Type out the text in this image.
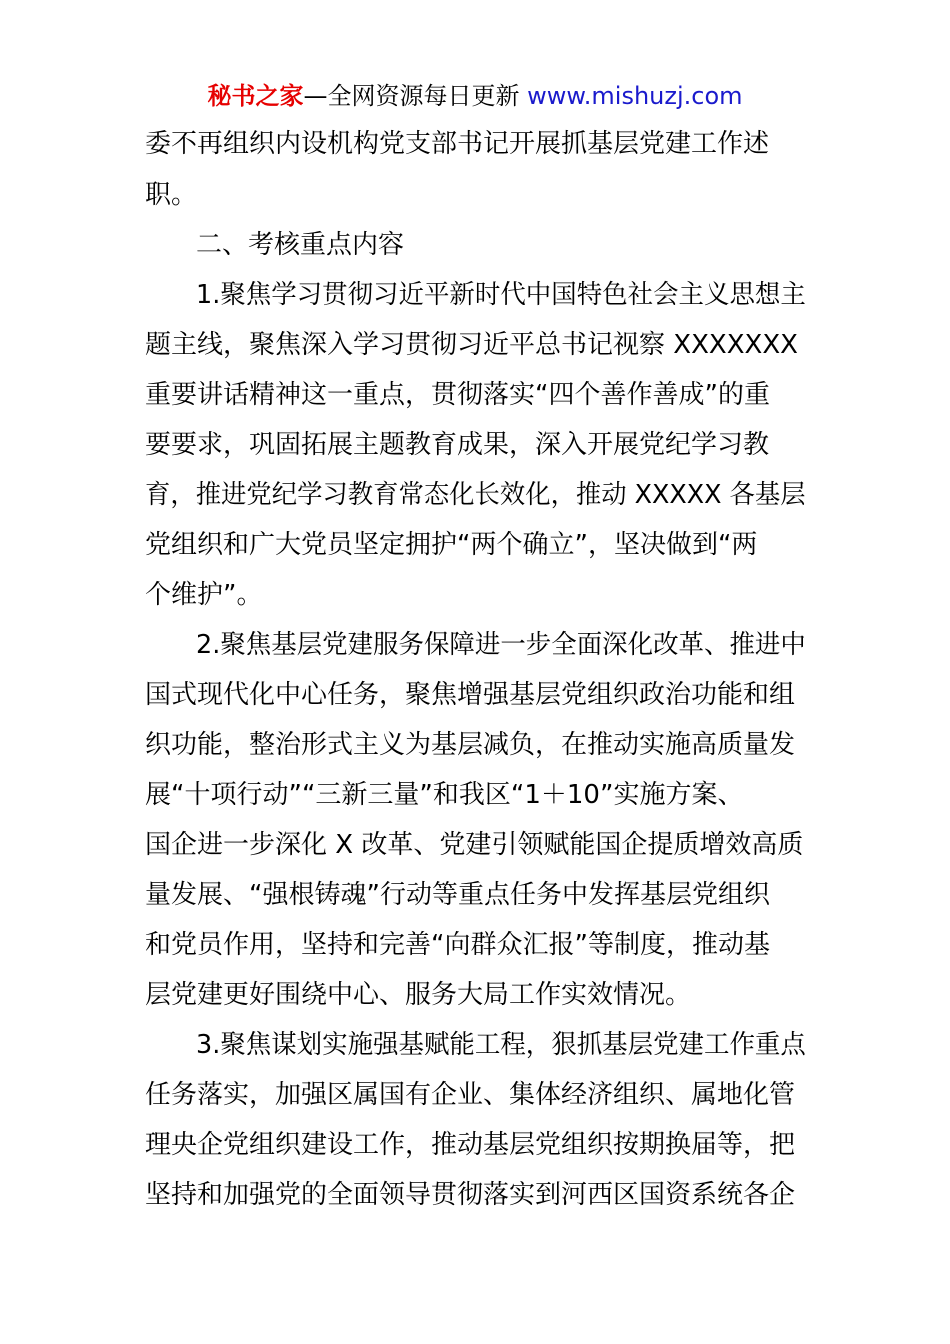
秘书之家—全网资源每日更新 www.mishuzj.com
委不再组织内设机构党支部书记开展抓基层党建工作述
职。
二、考核重点内容
1.聚焦学习贯彻习近平新时代中国特色社会主义思想主
题主线，聚焦深入学习贯彻习近平总书记视察 XXXXXXX
重要讲话精神这一重点，贯彻落实“四个善作善成”的重
要要求，巩固拓展主题教育成果，深入开展党纪学习教
育，推进党纪学习教育常态化长效化，推动 XXXXX 各基层
党组织和广大党员坚定拥护“两个确立”，坚决做到“两
个维护”。
2.聚焦基层党建服务保障进一步全面深化改革、推进中
国式现代化中心任务，聚焦增强基层党组织政治功能和组
织功能，整治形式主义为基层减负，在推动实施高质量发
展“十项行动”“三新三量”和我区“1＋10”实施方案、
国企进一步深化 X 改革、党建引领赋能国企提质增效高质
量发展、“强根铸魂”行动等重点任务中发挥基层党组织
和党员作用，坚持和完善“向群众汇报”等制度，推动基
层党建更好围绕中心、服务大局工作实效情况。
3.聚焦谋划实施强基赋能工程，狠抓基层党建工作重点
任务落实，加强区属国有企业、集体经济组织、属地化管
理央企党组织建设工作，推动基层党组织按期换届等，把
坚持和加强党的全面领导贯彻落实到河西区国资系统各企
